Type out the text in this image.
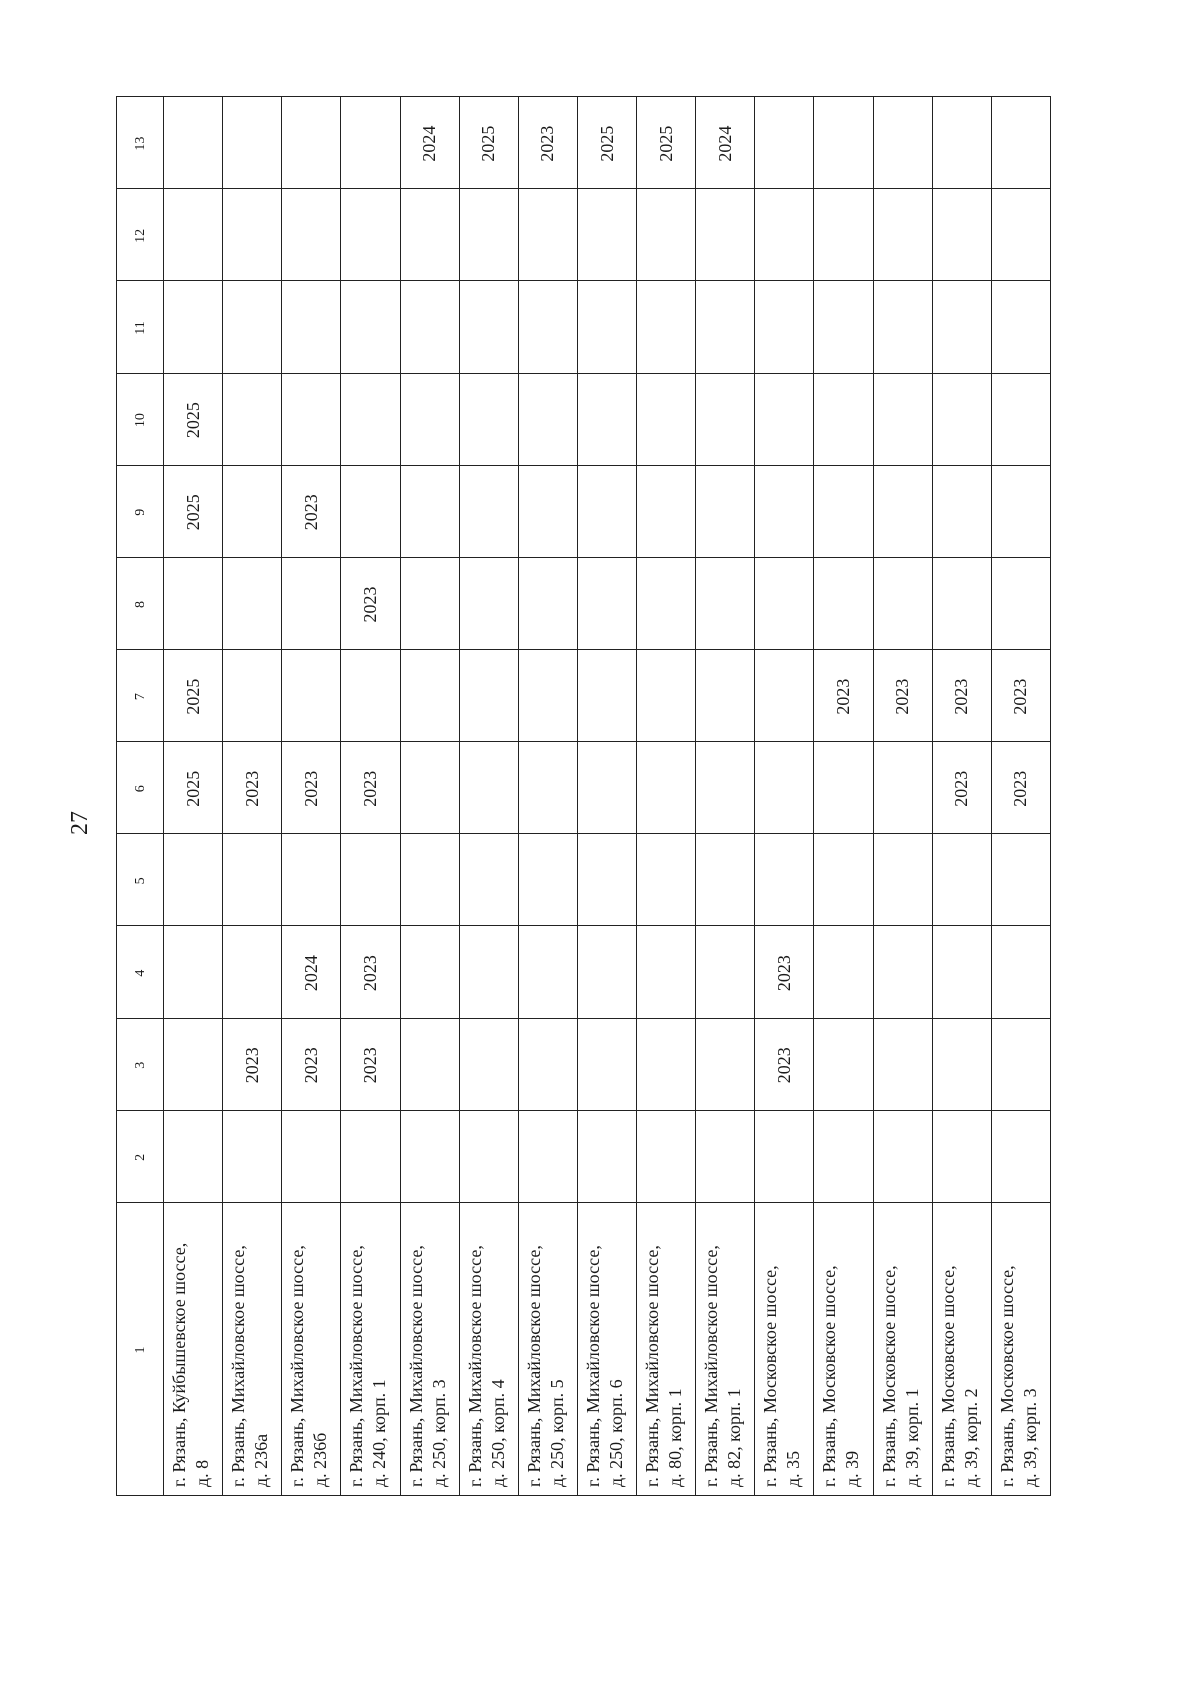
27
1	2	3	4	5	6	7	8	9	10	11	12	13

г. Рязань, Куйбышевское шоссе, д. 8					2025	2025		2025	2025			

г. Рязань, Михайловское шоссе, д. 236а		2023			2023							

г. Рязань, Михайловское шоссе, д. 236б		2023	2024		2023			2023				

г. Рязань, Михайловское шоссе, д. 240, корп. 1		2023	2023		2023		2023					

г. Рязань, Михайловское шоссе, д. 250, корп. 3												2024

г. Рязань, Михайловское шоссе, д. 250, корп. 4												2025

г. Рязань, Михайловское шоссе, д. 250, корп. 5												2023

г. Рязань, Михайловское шоссе, д. 250, корп. 6												2025

г. Рязань, Михайловское шоссе, д. 80, корп. 1												2025

г. Рязань, Михайловское шоссе, д. 82, корп. 1												2024

г. Рязань, Московское шоссе, д. 35		2023	2023									

г. Рязань, Московское шоссе, д. 39						2023						

г. Рязань, Московское шоссе, д. 39, корп. 1						2023						

г. Рязань, Московское шоссе, д. 39, корп. 2					2023	2023						

г. Рязань, Московское шоссе, д. 39, корп. 3					2023	2023						
